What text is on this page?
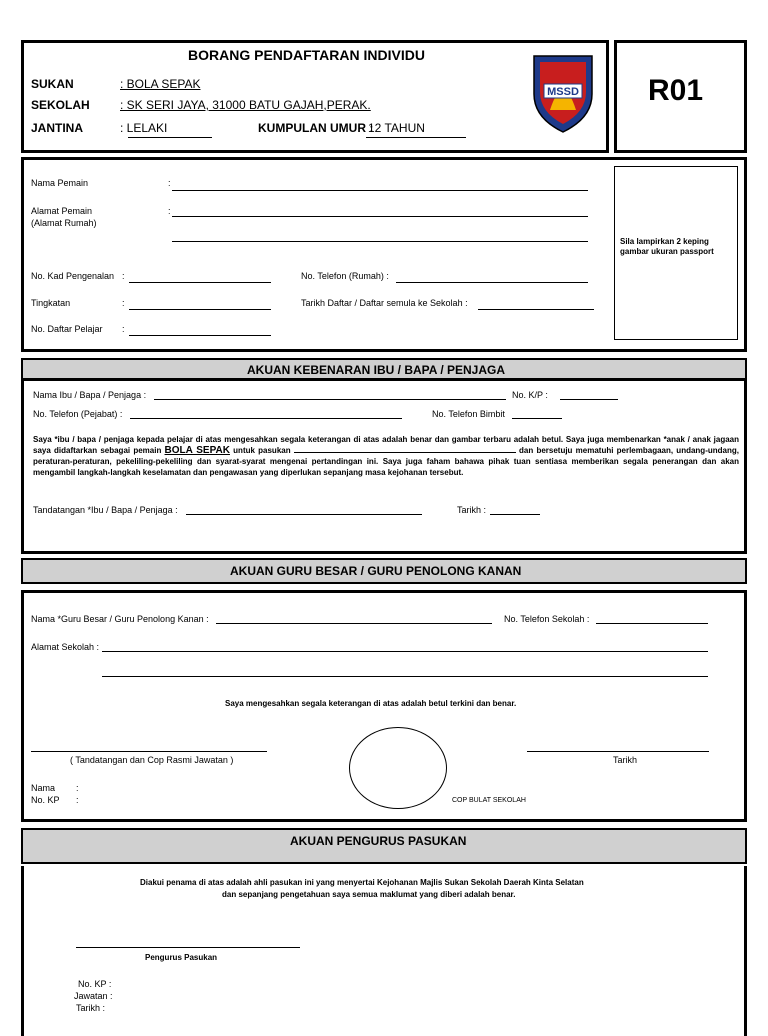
BORANG PENDAFTARAN INDIVIDU
SUKAN	: BOLA SEPAK
SEKOLAH	: SK SERI JAYA, 31000 BATU GAJAH,PERAK.
JANTINA	: LELAKI	KUMPULAN UMUR :
12 TAHUN
MSSD R01
Nama Pemain	:
Alamat Pemain
(Alamat Rumah)
:
No. Kad Pengenalan :	No. Telefon (Rumah) :
Tingkatan	:	Tarikh Daftar / Daftar semula ke Sekolah :
No. Daftar Pelajar :
Sila lampirkan 2 keping gambar ukuran passport
AKUAN KEBENARAN IBU / BAPA / PENJAGA
Nama Ibu / Bapa / Penjaga :	No. K/P :
No. Telefon (Pejabat) :	No. Telefon Bimbit
Saya *ibu / bapa / penjaga kepada pelajar di atas mengesahkan segala keterangan di atas adalah benar dan gambar terbaru adalah betul. Saya juga membenarkan *anak / anak jagaan saya didaftarkan sebagai pemain BOLA SEPAK untuk pasukan	dan bersetuju mematuhi perlembagaan, undang-undang, peraturan-peraturan, pekeliling-pekeliling dan syarat-syarat mengenai pertandingan ini. Saya juga faham bahawa pihak tuan sentiasa memberikan segala penerangan dan akan mengambil langkah-langkah keselamatan dan pengawasan yang diperlukan sepanjang masa kejohanan tersebut.
Tandatangan *Ibu / Bapa / Penjaga :	Tarikh :
AKUAN GURU BESAR / GURU PENOLONG KANAN
Nama *Guru Besar / Guru Penolong Kanan :	No. Telefon Sekolah :
Alamat Sekolah :
Saya mengesahkan segala keterangan di atas adalah betul terkini dan benar.
( Tandatangan dan Cop Rasmi Jawatan )
COP BULAT SEKOLAH
Tarikh
Nama :
No. KP :
AKUAN PENGURUS PASUKAN
Diakui penama di atas adalah ahli pasukan ini yang menyertai Kejohanan Majlis Sukan Sekolah Daerah Kinta Selatan
dan sepanjang pengetahuan saya semua maklumat yang diberi adalah benar.
Pengurus Pasukan
No. KP :
Jawatan :
Tarikh :
